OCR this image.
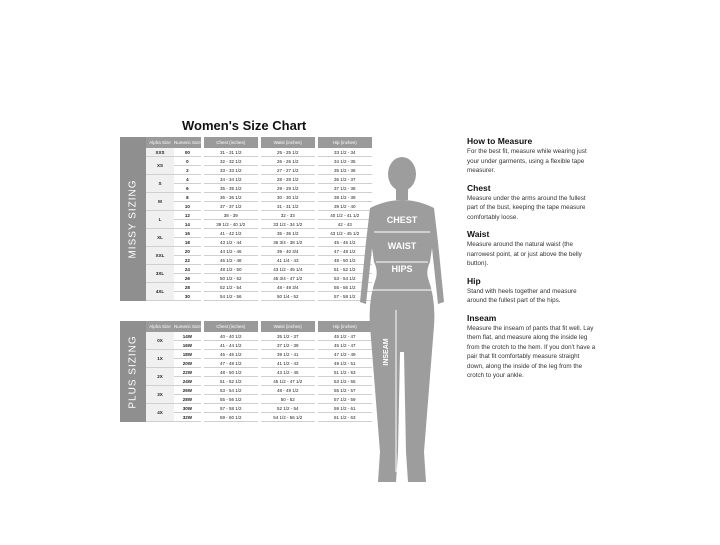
Women's Size Chart
MISSY SIZING
Alpha Size	Numeric Size		Chest (inches)		Waist (inches)		Hip (inches)
XXS	00		31 - 31 1/2		25 - 25 1/2		33 1/2 - 34
XS	0		32 - 32 1/2		26 - 26 1/2		34 1/2 - 35
	2		33 - 33 1/2		27 - 27 1/2		35 1/2 - 36
S	4		34 - 34 1/2		28 - 28 1/2		36 1/2 - 37
	6		35 - 35 1/2		29 - 29 1/2		37 1/2 - 38
M	8		36 - 36 1/2		30 - 30 1/2		38 1/2 - 39
	10		37 - 37 1/2		31 - 31 1/2		39 1/2 - 40
L	12		38 - 39		32 - 33		40 1/2 - 41 1/2
	14		39 1/2 - 40 1/2		33 1/2 - 34 1/2		42 - 43
XL	16		41 - 42 1/2		35 - 36 1/2		43 1/2 - 45 1/2
	18		43 1/2 - 44		36 3/4 - 38 1/2		45 - 46 1/2
XXL	20		44 1/2 - 46		39 - 40 3/4		47 - 48 1/2
	22		46 1/2 - 48		41 1/4 - 43		48 - 50 1/2
3XL	24		48 1/2 - 50		43 1/2 - 45 1/4		51 - 52 1/2
	26		50 1/2 - 52		45 3/4 - 47 1/2		53 - 54 1/2
4XL	28		52 1/2 - 54		48 - 49 3/4		55 - 56 1/2
	30		54 1/2 - 56		50 1/4 - 52		57 - 58 1/2
PLUS SIZING
Alpha Size	Numeric Size		Chest (inches)		Waist (inches)		Hip (inches)
0X	14W		40 - 40 1/2		35 1/2 - 37		45 1/2 - 47
	16W		41 - 44 1/2		37 1/2 - 39		45 1/2 - 47
1X	18W		45 - 46 1/2		39 1/2 - 41		47 1/2 - 49
	20W		47 - 48 1/2		41 1/2 - 43		49 1/2 - 51
2X	22W		48 - 50 1/2		43 1/2 - 45		51 1/2 - 53
	24W		51 - 52 1/2		45 1/2 - 47 1/2		53 1/2 - 55
3X	26W		53 - 54 1/2		48 - 49 1/2		55 1/2 - 57
	28W		55 - 56 1/2		50 - 52		57 1/2 - 59
4X	30W		57 - 58 1/2		52 1/2 - 54		59 1/2 - 61
	32W		59 - 60 1/2		54 1/2 - 56 1/2		61 1/2 - 63
CHEST
WAIST
HIPS
INSEAM
How to Measure
For the best fit, measure while wearing just your under garments, using a flexible tape measurer.
Chest
Measure under the arms around the fullest part of the bust, keeping the tape measure comfortably loose.
Waist
Measure around the natural waist (the narrowest point, at or just above the belly button).
Hip
Stand with heels together and measure around the fullest part of the hips.
Inseam
Measure the inseam of pants that fit well. Lay them flat, and measure along the inside leg from the crotch to the hem. If you don't have a pair that fit comfortably measure straight down, along the inside of the leg from the crotch to your ankle.
